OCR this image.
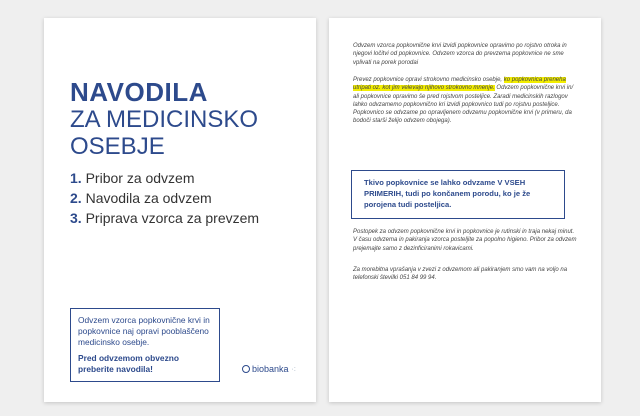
NAVODILA
ZA MEDICINSKO
OSEBJE
1. Pribor za odvzem
2. Navodila za odvzem
3. Priprava vzorca za prevzem
Odvzem vzorca popkovnične krvi in popkovnice naj opravi pooblaščeno medicinsko osebje.
Pred odvzemom obvezno preberite navodila!	biobanka ·:

Odvzem vzorca popkovnične krvi izvidi popkovnice opravimo po rojstvo otroka in njegovi ločitvi od popkovnice. Odvzem vzorca do prevzema popkovnice ne sme vplivati na porek porodai

Prevez popkovnice opravi strokovno medicinsko osebje, ko popkovnica preneha utripati oz. kot jim velevajo njihovo strokovno mnenje. Odvzem popkovnične krvi in/ ali popkovnice opravimo še pred rojstvom posteljice. Zaradi medicinskih razlogov lahko odvzamemo popkovnično kri izvidi popkovnico tudi po rojstvu posteljice. Popkovnico se odvzame po opravljenem odvzemu popkovnične krvi (v primeru, da bodoči starši želijo odvzem obojega).

Tkivo popkovnice se lahko odvzame V VSEH PRIMERIH, tudi po končanem porodu, ko je že porojena tudi posteljica.

Postopek za odvzem popkovnične krvi in popkovnice je rutinski in traja nekaj minut. V času odvzema in pakiranja vzorca posteljite za popolno higieno. Pribor za odvzem prejemajte samo z dezinficiranimi rokavicami.

Za morebitna vprašanja v zvezi z odvzemom ali pakiranjem smo vam na voljo na telefonski številki 051 84 99 94.
